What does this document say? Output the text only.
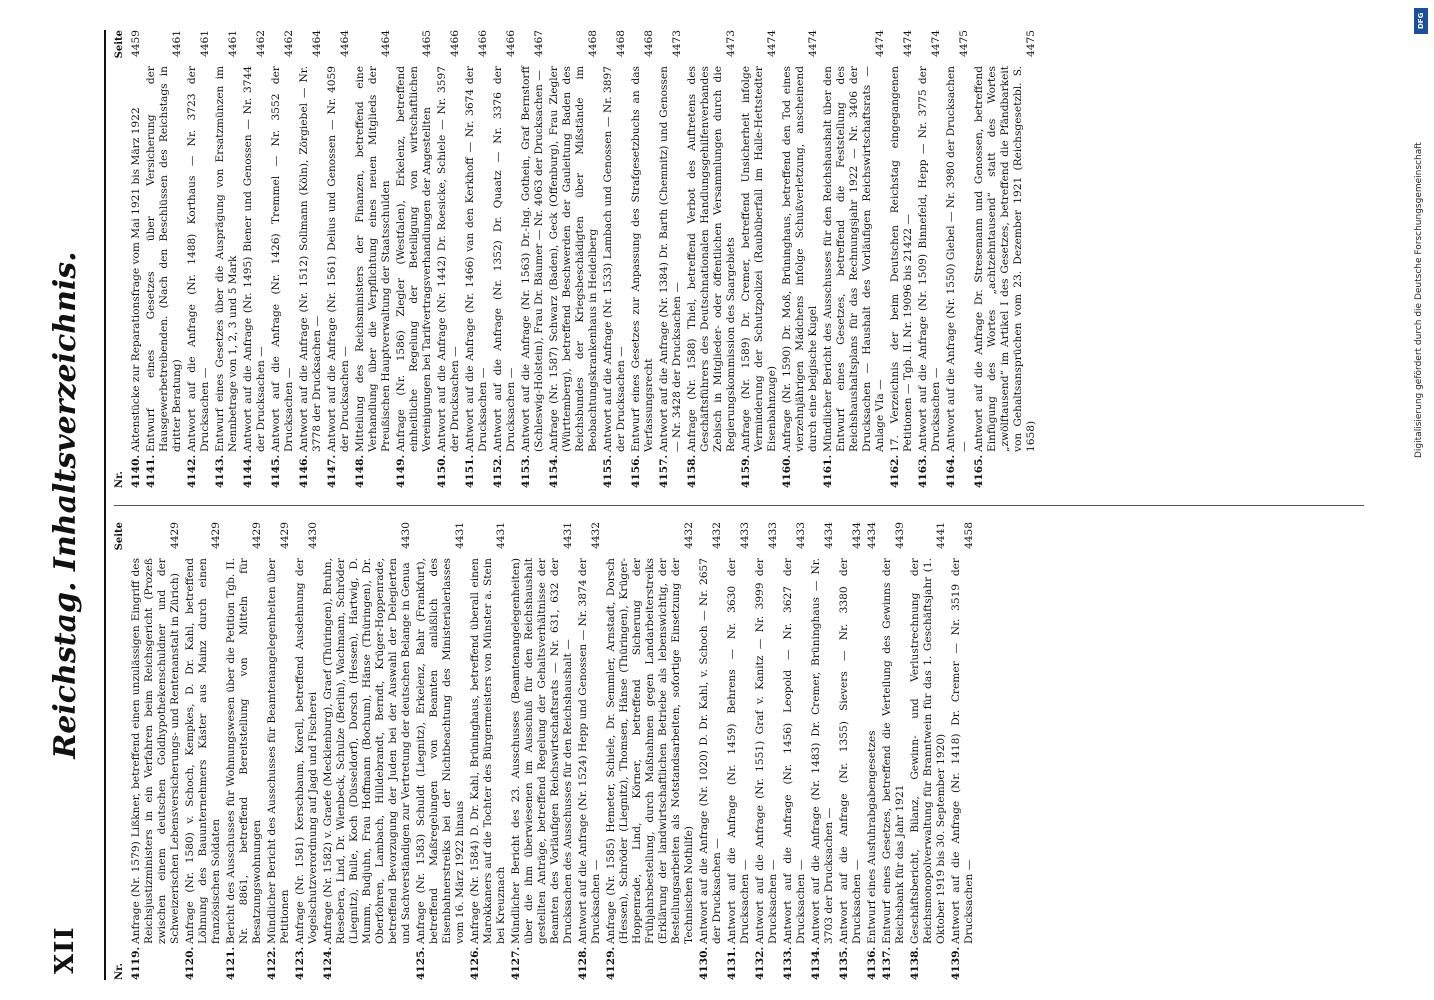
XII
Reichstag. Inhaltsverzeichnis.
Nr.
Seite
4119.
Anfrage (Nr. 1579) Lißkner, betreffend einen unzulässigen Eingriff des Reichsjustizministers in ein Verfahren beim Reichsgericht (Prozeß zwischen einem deutschen Goldhypothekenschuldner und der Schweizerischen Lebensversicherungs- und Rentenanstalt in Zürich)
4429
4120.
Anfrage (Nr. 1580) v. Schoch, Kempkes, D. Dr. Kahl, betreffend Löhnung des Bauunternehmers Käster aus Mainz durch einen französischen Soldaten
4429
4121.
Bericht des Ausschusses für Wohnungswesen über die Petition Tgb. II. Nr. 8861, betreffend Bereitstellung von Mitteln für Besatzungswohnungen
4429
4122.
Mündlicher Bericht des Ausschusses für Beamtenangelegenheiten über Petitionen
4429
4123.
Anfrage (Nr. 1581) Kerschbaum, Korell, betreffend Ausdehnung der Vogelschutzverordnung auf Jagd und Fischerei
4430
4124.
Anfrage (Nr. 1582) v. Graefe (Mecklenburg), Graef (Thüringen), Bruhn, Riesebera, Lind, Dr. Wienbeck, Schulze (Berlin), Wachmann, Schröder (Liegnitz), Bulle, Koch (Düsseldorf), Dorsch (Hessen), Hartwig, D. Mumm, Budjuhn, Frau Hoffmann (Bochum), Hänse (Thüringen), Dr. Oberfohren, Lambach, Hilldebrandt, Berndt, Krüger-Hoppenrade, betreffend Bevorzugung der Juden bei der Auswahl der Delegierten und Sachverständigen zur Vertretung der deutschen Belange in Genua
4430
4125.
Anfrage (Nr. 1583) Schuldt (Liegnitz), Erkelenz, Bahr (Frankfurt), betreffend Maßregelungen von Beamten anläßlich des Eisenbahnerstreiks bei der Nichtbeachtung des Ministerialerlasses vom 16. März 1922 hinaus
4431
4126.
Anfrage (Nr. 1584) D. Dr. Kahl, Brüninghaus, betreffend überall einen Marokkaners auf die Tochter des Bürgermeisters von Münster a. Stein bei Kreuznach
4431
4127.
Mündlicher Bericht des 23. Ausschusses (Beamtenangelegenheiten) über die ihm überwiesenen im Ausschuß für den Reichshaushalt gestellten Anträge, betreffend Regelung der Gehaltsverhältnisse der Beamten des Vorläufigen Reichswirtschaftsrats — Nr. 631, 632 der Drucksachen des Ausschusses für den Reichshaushalt —
4431
4128.
Antwort auf die Anfrage (Nr. 1524) Hepp und Genossen — Nr. 3874 der Drucksachen —
4432
4129.
Anfrage (Nr. 1585) Hemeter, Schiele, Dr. Semmler, Arnstadt, Dorsch (Hessen), Schröder (Liegnitz), Thomsen, Hänse (Thüringen), Krüger-Hoppenrade, Lind, Körner, betreffend Sicherung der Frühjahrsbestellung, durch Maßnahmen gegen Landarbeiterstreiks (Erklärung der landwirtschaftlichen Betriebe als lebenswichtig, der Bestellungsarbeiten als Notstandsarbeiten, sofortige Einsetzung der Technischen Nothilfe)
4432
4130.
Antwort auf die Anfrage (Nr. 1020) D. Dr. Kahl, v. Schoch — Nr. 2657 der Drucksachen —
4432
4131.
Antwort auf die Anfrage (Nr. 1459) Behrens — Nr. 3630 der Drucksachen —
4433
4132.
Antwort auf die Anfrage (Nr. 1551) Graf v. Kanitz — Nr. 3999 der Drucksachen —
4433
4133.
Antwort auf die Anfrage (Nr. 1456) Leopold — Nr. 3627 der Drucksachen —
4433
4134.
Antwort auf die Anfrage (Nr. 1483) Dr. Cremer, Brüninghaus — Nr. 3703 der Drucksachen —
4434
4135.
Antwort auf die Anfrage (Nr. 1355) Sievers — Nr. 3380 der Drucksachen —
4434
4136.
Entwurf eines Ausfuhrabgabengesetzes
4434
4137.
Entwurf eines Gesetzes, betreffend die Verteilung des Gewinns der Reichsbank für das Jahr 1921
4439
4138.
Geschäftsbericht, Bilanz, Gewinn- und Verlustrechnung der Reichsmonopolverwaltung für Branntwein für das 1. Geschäftsjahr (1. Oktober 1919 bis 30. September 1920)
4441
4139.
Antwort auf die Anfrage (Nr. 1418) Dr. Cremer — Nr. 3519 der Drucksachen —
4458
Nr.
Seite
4140.
Aktenstücke zur Reparationsfrage vom Mai 1921 bis März 1922
4459
4141.
Entwurf eines Gesetzes über Versicherung der Hausgewerbetreibenden. (Nach den Beschlüssen des Reichstags in dritter Beratung)
4461
4142.
Antwort auf die Anfrage (Nr. 1488) Korthaus — Nr. 3723 der Drucksachen —
4461
4143.
Entwurf eines Gesetzes über die Ausprägung von Ersatzmünzen im Nennbetrage von 1, 2, 3 und 5 Mark
4461
4144.
Antwort auf die Anfrage (Nr. 1495) Biener und Genossen — Nr. 3744 der Drucksachen —
4462
4145.
Antwort auf die Anfrage (Nr. 1426) Tremmel — Nr. 3552 der Drucksachen —
4462
4146.
Antwort auf die Anfrage (Nr. 1512) Sollmann (Köln), Zörgiebel — Nr. 3778 der Drucksachen —
4464
4147.
Antwort auf die Anfrage (Nr. 1561) Delius und Genossen — Nr. 4059 der Drucksachen —
4464
4148.
Mitteilung des Reichsministers der Finanzen, betreffend eine Verhandlung über die Verpflichtung eines neuen Mitglieds der Preußischen Hauptverwaltung der Staatsschulden
4464
4149.
Anfrage (Nr. 1586) Ziegler (Westfalen), Erkelenz, betreffend einheitliche Regelung der Beteiligung von wirtschaftlichen Vereinigungen bei Tarifvertragsverhandlungen der Angestellten
4465
4150.
Antwort auf die Anfrage (Nr. 1442) Dr. Roesicke, Schiele — Nr. 3597 der Drucksachen —
4466
4151.
Antwort auf die Anfrage (Nr. 1466) van den Kerkhoff — Nr. 3674 der Drucksachen —
4466
4152.
Antwort auf die Anfrage (Nr. 1352) Dr. Quaatz — Nr. 3376 der Drucksachen —
4466
4153.
Antwort auf die Anfrage (Nr. 1563) Dr.-Ing. Gothein, Graf Bernstorff (Schleswig-Holstein), Frau Dr. Bäumer — Nr. 4063 der Drucksachen —
4467
4154.
Anfrage (Nr. 1587) Schwarz (Baden), Geck (Offenburg), Frau Ziegler (Württemberg), betreffend Beschwerden der Gauleitung Baden des Reichsbundes der Kriegsbeschädigten über Mißstände im Beobachtungskrankenhaus in Heidelberg
4468
4155.
Antwort auf die Anfrage (Nr. 1533) Lambach und Genossen — Nr. 3897 der Drucksachen —
4468
4156.
Entwurf eines Gesetzes zur Anpassung des Strafgesetzbuchs an das Verfassungsrecht
4468
4157.
Antwort auf die Anfrage (Nr. 1384) Dr. Barth (Chemnitz) und Genossen — Nr. 3428 der Drucksachen —
4473
4158.
Anfrage (Nr. 1588) Thiel, betreffend Verbot des Auftretens des Geschäftsführers des Deutschnationalen Handlungsgehilfenverbandes Zebisch in Mitglieder- oder öffentlichen Versammlungen durch die Regierungskommission des Saargebiets
4473
4159.
Anfrage (Nr. 1589) Dr. Cremer, betreffend Unsicherheit infolge Verminderung der Schutzpolizei (Raubüberfall im Halle-Hettstedter Eisenbahnzuge)
4474
4160.
Anfrage (Nr. 1590) Dr. Moß, Brüninghaus, betreffend den Tod eines vierzehnjährigen Mädchens infolge Schußverletzung, anscheinend durch eine belgische Kugel
4474
4161.
Mündlicher Bericht des Ausschusses für den Reichshaushalt über den Entwurf eines Gesetzes, betreffend die Feststellung des Reichshaushaltsplans für das Rechnungsjahr 1922 — Nr. 3406 der Drucksachen — Haushalt des Vorläufigen Reichswirtschaftsrats — Anlage VIa —
4474
4162.
17. Verzeichnis der beim Deutschen Reichstag eingegangenen Petitionen — Tgb. II. Nr. 19096 bis 21422 —
4474
4163.
Antwort auf die Anfrage (Nr. 1509) Binnefeld, Hepp — Nr. 3775 der Drucksachen —
4474
4164.
Antwort auf die Anfrage (Nr. 1550) Giebel — Nr. 3980 der Drucksachen —
4475
4165.
Antwort auf die Anfrage Dr. Stresemann und Genossen, betreffend Einfügung des Wortes „achtzehntausend“ statt des Wortes „zwölftausend“ im Artikel I des Gesetzes, betreffend die Pfändbarkeit von Gehaltsansprüchen vom 23. Dezember 1921 (Reichsgesetzbl. S. 1658)
4475
DFG
Digitalisierung gefördert durch die Deutsche Forschungsgemeinschaft
